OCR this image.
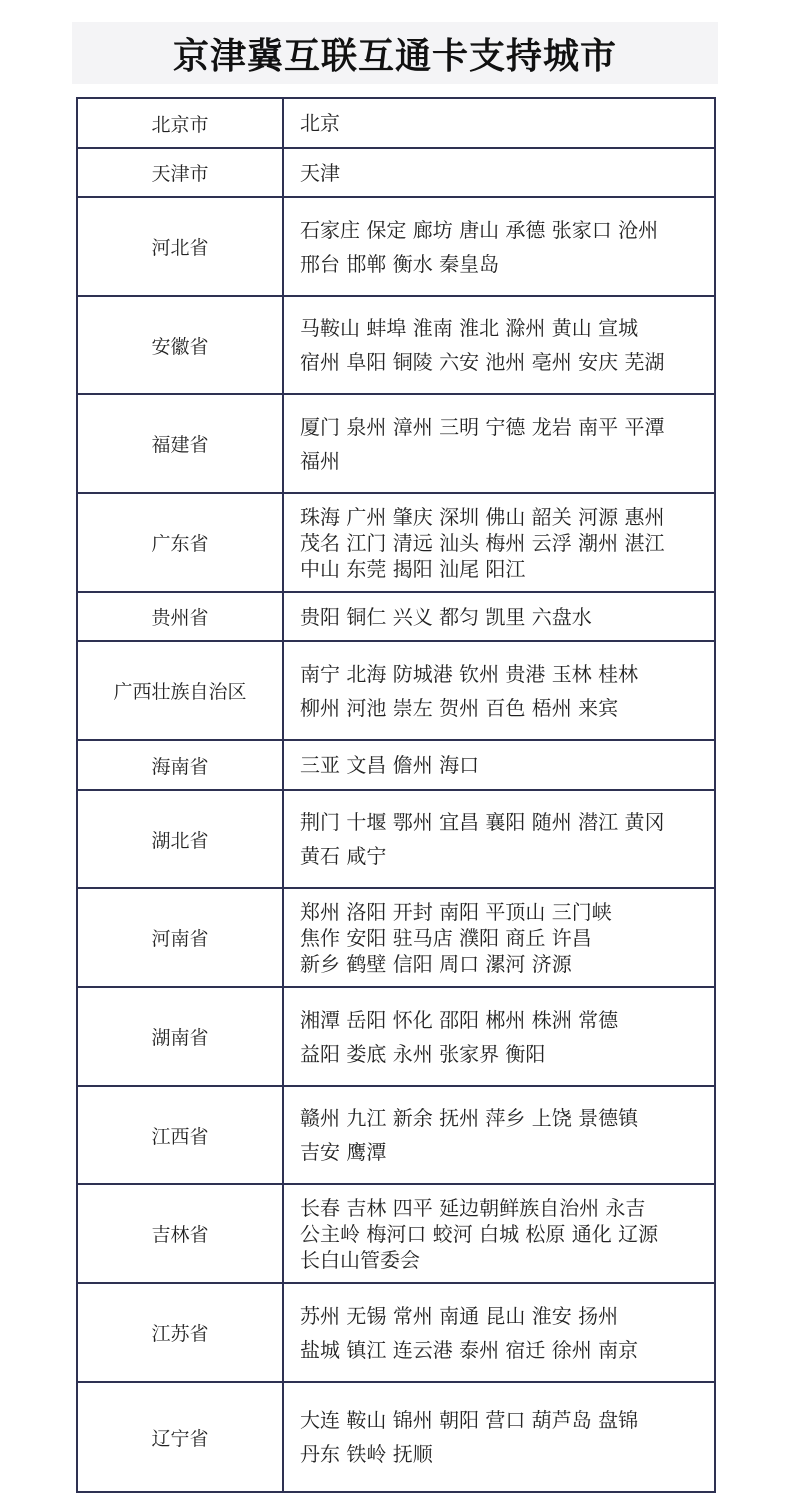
京津冀互联互通卡支持城市
北京市	北京

天津市	天津

河北省	石家庄 保定 廊坊 唐山 承德 张家口 沧州
邢台 邯郸 衡水 秦皇岛

安徽省	马鞍山 蚌埠 淮南 淮北 滁州 黄山 宣城
宿州 阜阳 铜陵 六安 池州 亳州 安庆 芜湖

福建省	厦门 泉州 漳州 三明 宁德 龙岩 南平 平潭
福州

广东省	珠海 广州 肇庆 深圳 佛山 韶关 河源 惠州
茂名 江门 清远 汕头 梅州 云浮 潮州 湛江
中山 东莞 揭阳 汕尾 阳江

贵州省	贵阳 铜仁 兴义 都匀 凯里 六盘水

广西壮族自治区	南宁 北海 防城港 钦州 贵港 玉林 桂林
柳州 河池 崇左 贺州 百色 梧州 来宾

海南省	三亚 文昌 儋州 海口

湖北省	荆门 十堰 鄂州 宜昌 襄阳 随州 潜江 黄冈
黄石 咸宁

河南省	郑州 洛阳 开封 南阳 平顶山 三门峡
焦作 安阳 驻马店 濮阳 商丘 许昌
新乡 鹤壁 信阳 周口 漯河 济源

湖南省	湘潭 岳阳 怀化 邵阳 郴州 株洲 常德
益阳 娄底 永州 张家界 衡阳

江西省	赣州 九江 新余 抚州 萍乡 上饶 景德镇
吉安 鹰潭

吉林省	长春 吉林 四平 延边朝鲜族自治州 永吉
公主岭 梅河口 蛟河 白城 松原 通化 辽源
长白山管委会

江苏省	苏州 无锡 常州 南通 昆山 淮安 扬州
盐城 镇江 连云港 泰州 宿迁 徐州 南京

辽宁省	大连 鞍山 锦州 朝阳 营口 葫芦岛 盘锦
丹东 铁岭 抚顺
